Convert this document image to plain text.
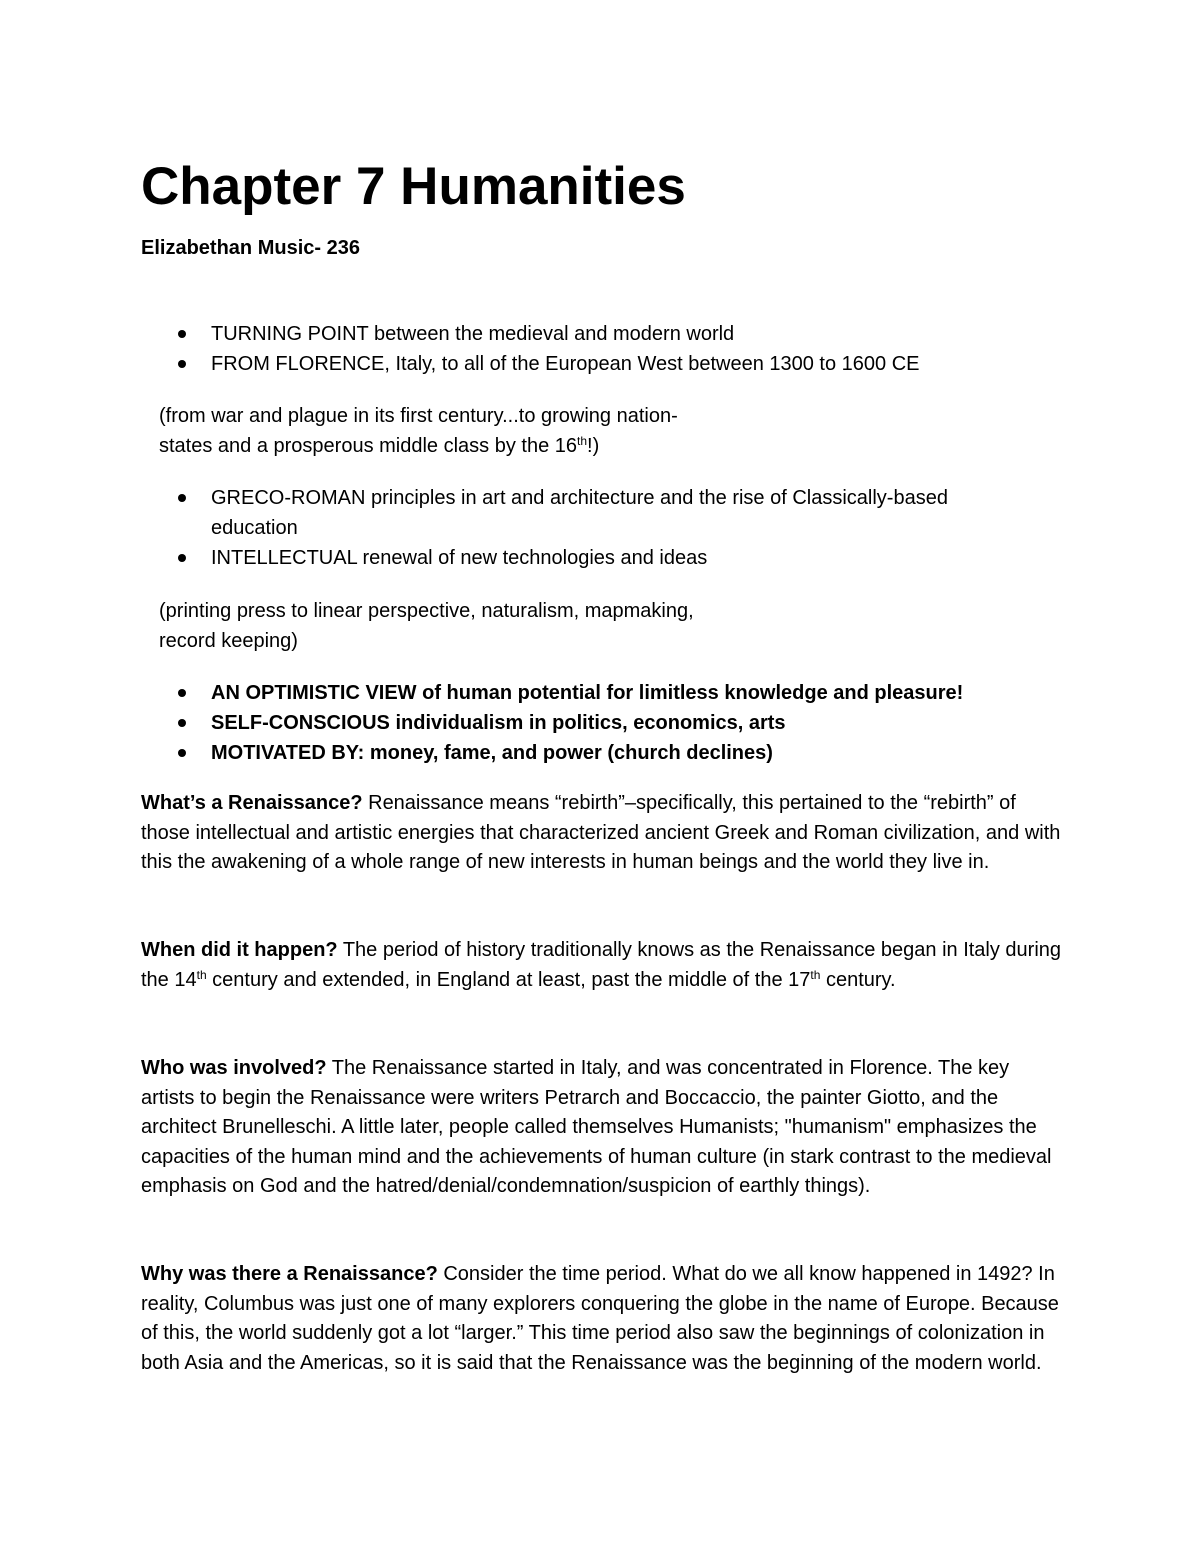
Chapter 7 Humanities

Elizabethan Music- 236

TURNING POINT between the medieval and modern world
FROM FLORENCE, Italy, to all of the European West between 1300 to 1600 CE

(from war and plague in its first century...to growing nation-
states and a prosperous middle class by the 16th!)

GRECO-ROMAN principles in art and architecture and the rise of Classically-based education
INTELLECTUAL renewal of new technologies and ideas

(printing press to linear perspective, naturalism, mapmaking,
record keeping)

AN OPTIMISTIC VIEW of human potential for limitless knowledge and pleasure!
SELF-CONSCIOUS individualism in politics, economics, arts
MOTIVATED BY: money, fame, and power (church declines)

What’s a Renaissance? Renaissance means “rebirth”–specifically, this pertained to the “rebirth” of those intellectual and artistic energies that characterized ancient Greek and Roman civilization, and with this the awakening of a whole range of new interests in human beings and the world they live in.

When did it happen? The period of history traditionally knows as the Renaissance began in Italy during the 14th century and extended, in England at least, past the middle of the 17th century.

Who was involved? The Renaissance started in Italy, and was concentrated in Florence. The key artists to begin the Renaissance were writers Petrarch and Boccaccio, the painter Giotto, and the architect Brunelleschi. A little later, people called themselves Humanists; "humanism" emphasizes the capacities of the human mind and the achievements of human culture (in stark contrast to the medieval emphasis on God and the hatred/denial/condemnation/suspicion of earthly things).

Why was there a Renaissance? Consider the time period. What do we all know happened in 1492? In reality, Columbus was just one of many explorers conquering the globe in the name of Europe. Because of this, the world suddenly got a lot “larger.” This time period also saw the beginnings of colonization in both Asia and the Americas, so it is said that the Renaissance was the beginning of the modern world.
